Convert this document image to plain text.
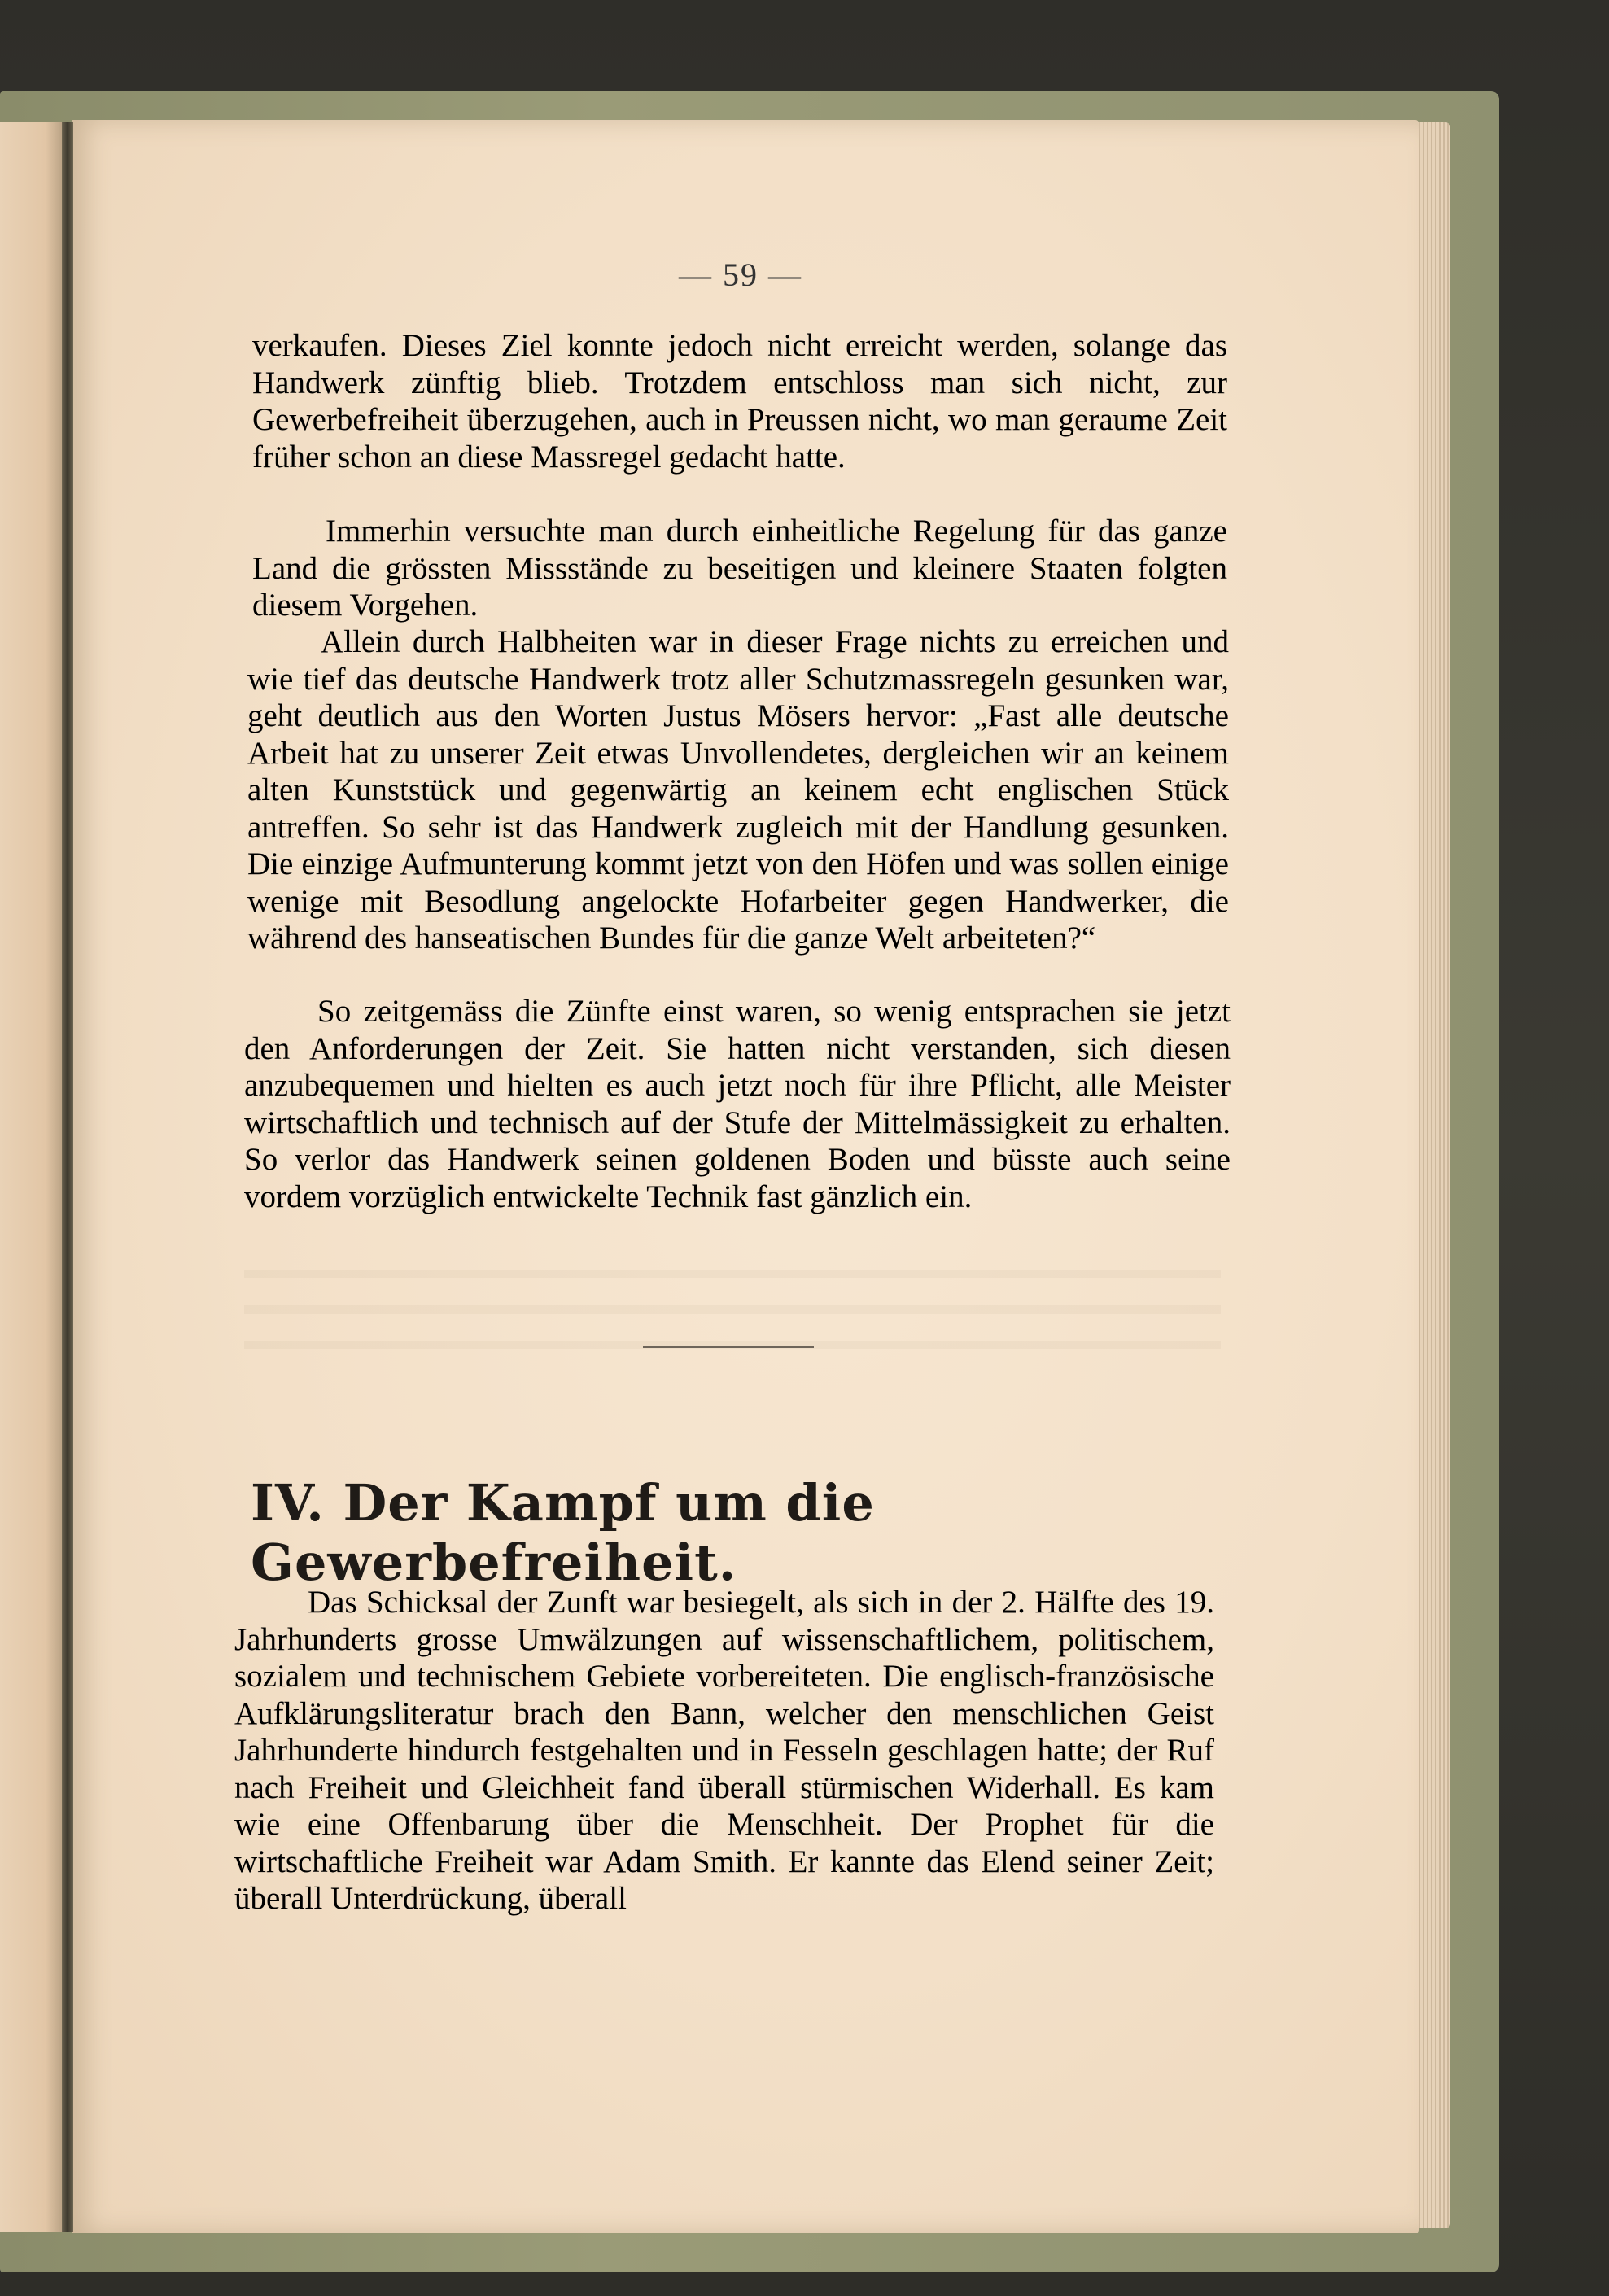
— 59 —

verkaufen. Dieses Ziel konnte jedoch nicht erreicht werden, solange das Handwerk zünftig blieb. Trotzdem entschloss man sich nicht, zur Gewerbefreiheit überzugehen, auch in Preussen nicht, wo man geraume Zeit früher schon an diese Massregel gedacht hatte.

Immerhin versuchte man durch einheitliche Regelung für das ganze Land die grössten Missstände zu beseitigen und kleinere Staaten folgten diesem Vorgehen.

Allein durch Halbheiten war in dieser Frage nichts zu erreichen und wie tief das deutsche Handwerk trotz aller Schutzmassregeln gesunken war, geht deutlich aus den Worten Justus Mösers hervor: „Fast alle deutsche Arbeit hat zu unserer Zeit etwas Unvollendetes, dergleichen wir an keinem alten Kunststück und gegenwärtig an keinem echt englischen Stück antreffen. So sehr ist das Handwerk zugleich mit der Handlung gesunken. Die einzige Aufmunterung kommt jetzt von den Höfen und was sollen einige wenige mit Besodlung angelockte Hofarbeiter gegen Handwerker, die während des hanseatischen Bundes für die ganze Welt arbeiteten?“

So zeitgemäss die Zünfte einst waren, so wenig entsprachen sie jetzt den Anforderungen der Zeit. Sie hatten nicht verstanden, sich diesen anzubequemen und hielten es auch jetzt noch für ihre Pflicht, alle Meister wirtschaftlich und technisch auf der Stufe der Mittelmässigkeit zu erhalten. So verlor das Handwerk seinen goldenen Boden und büsste auch seine vordem vorzüglich entwickelte Technik fast gänzlich ein.

IV. Der Kampf um die Gewerbefreiheit.

Das Schicksal der Zunft war besiegelt, als sich in der 2. Hälfte des 19. Jahrhunderts grosse Umwälzungen auf wissenschaftlichem, politischem, sozialem und technischem Gebiete vorbereiteten. Die englisch-französische Aufklärungsliteratur brach den Bann, welcher den menschlichen Geist Jahrhunderte hindurch festgehalten und in Fesseln geschlagen hatte; der Ruf nach Freiheit und Gleichheit fand überall stürmischen Widerhall. Es kam wie eine Offenbarung über die Menschheit. Der Prophet für die wirtschaftliche Freiheit war Adam Smith. Er kannte das Elend seiner Zeit; überall Unterdrückung, überall
